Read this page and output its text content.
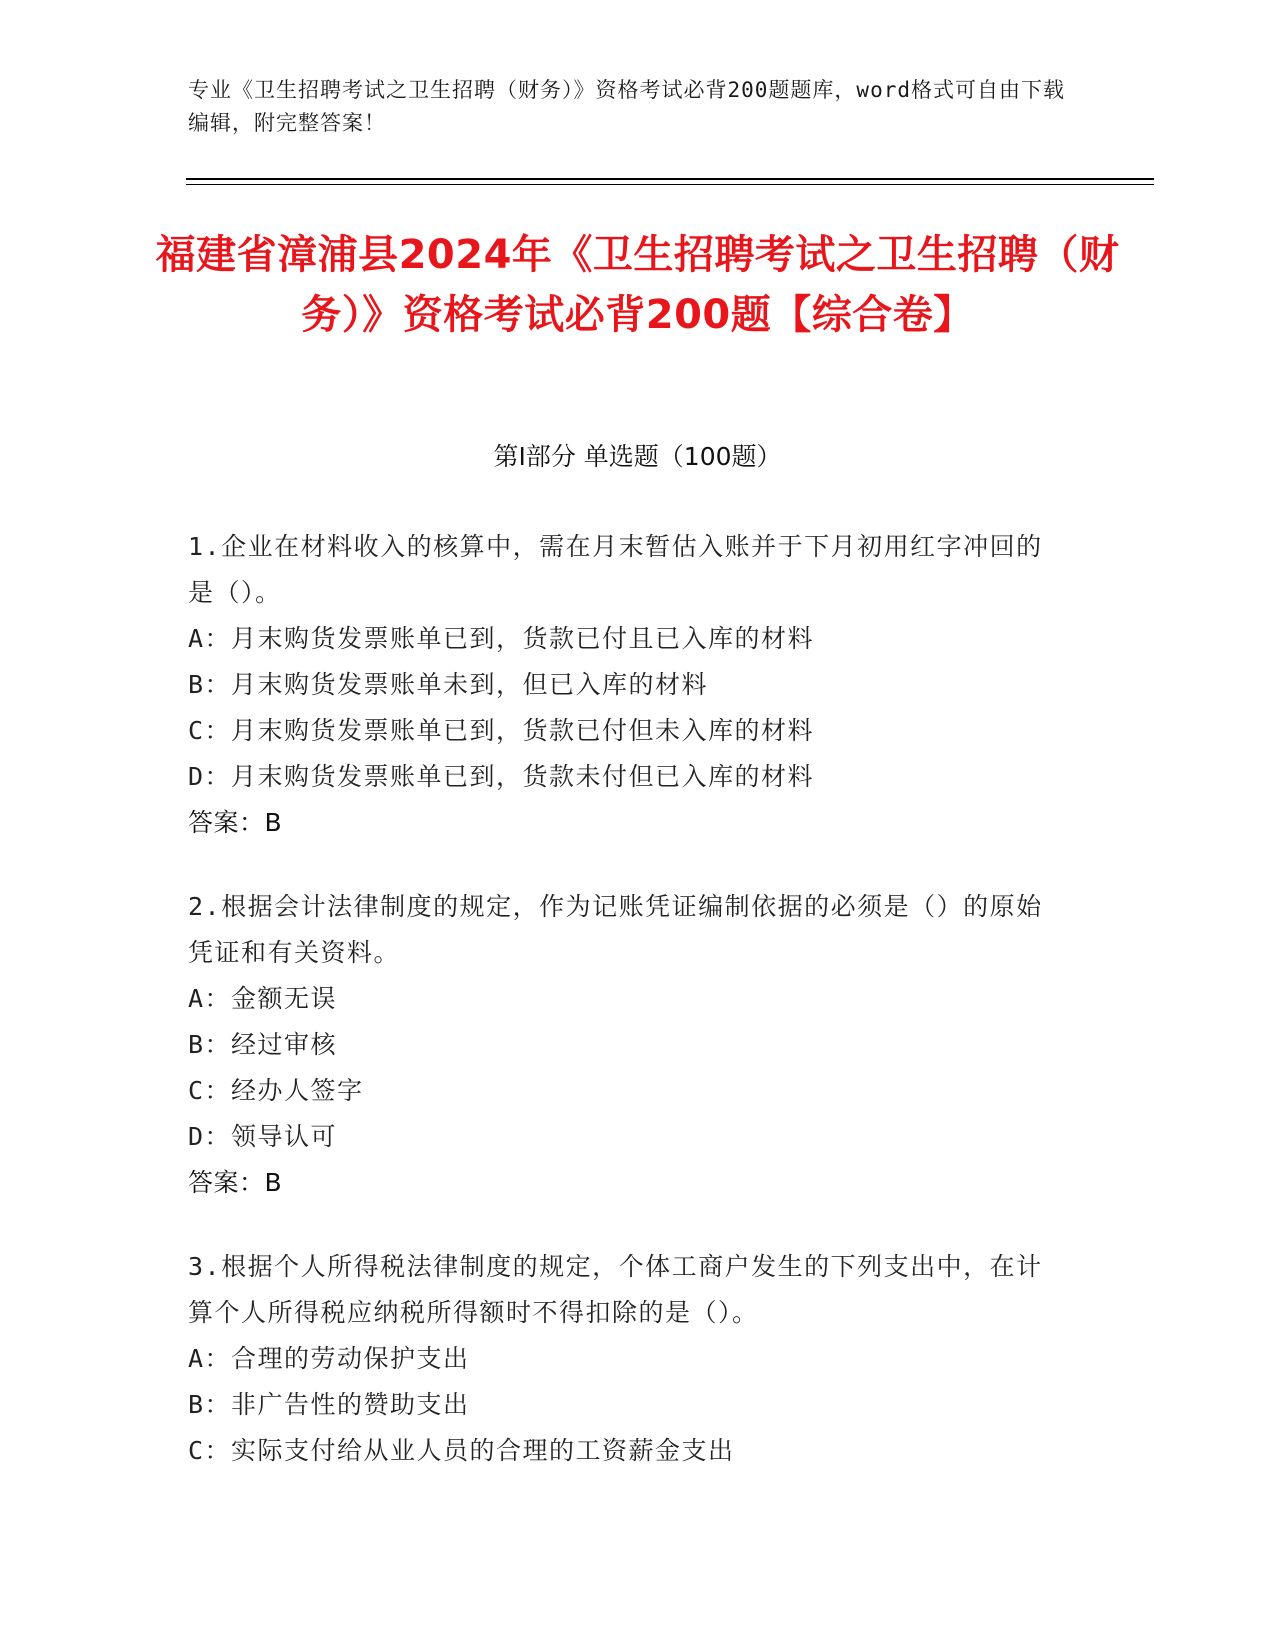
专业《卫生招聘考试之卫生招聘（财务）》资格考试必背200题题库，word格式可自由下载编辑，附完整答案！
福建省漳浦县2024年《卫生招聘考试之卫生招聘（财务）》资格考试必背200题【综合卷】
第Ⅰ部分 单选题（100题）

1.企业在材料收入的核算中，需在月末暂估入账并于下月初用红字冲回的是（）。

A：月末购货发票账单已到，货款已付且已入库的材料

B：月末购货发票账单未到，但已入库的材料

C：月末购货发票账单已到，货款已付但未入库的材料

D：月末购货发票账单已到，货款未付但已入库的材料

答案：B

2.根据会计法律制度的规定，作为记账凭证编制依据的必须是（）的原始凭证和有关资料。

A：金额无误

B：经过审核

C：经办人签字

D：领导认可

答案：B

3.根据个人所得税法律制度的规定，个体工商户发生的下列支出中，在计算个人所得税应纳税所得额时不得扣除的是（）。

A：合理的劳动保护支出

B：非广告性的赞助支出

C：实际支付给从业人员的合理的工资薪金支出
